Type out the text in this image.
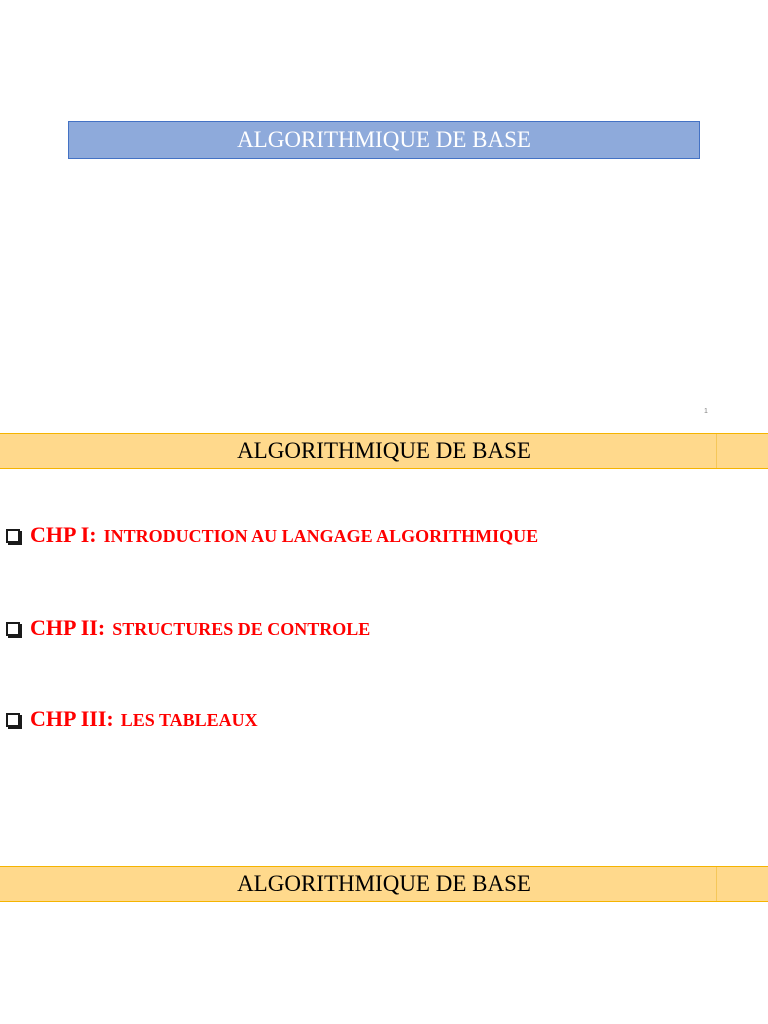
ALGORITHMIQUE DE BASE
1
ALGORITHMIQUE DE BASE
CHP I: INTRODUCTION AU LANGAGE ALGORITHMIQUE
CHP II: STRUCTURES DE CONTROLE
CHP III: LES TABLEAUX
ALGORITHMIQUE DE BASE
